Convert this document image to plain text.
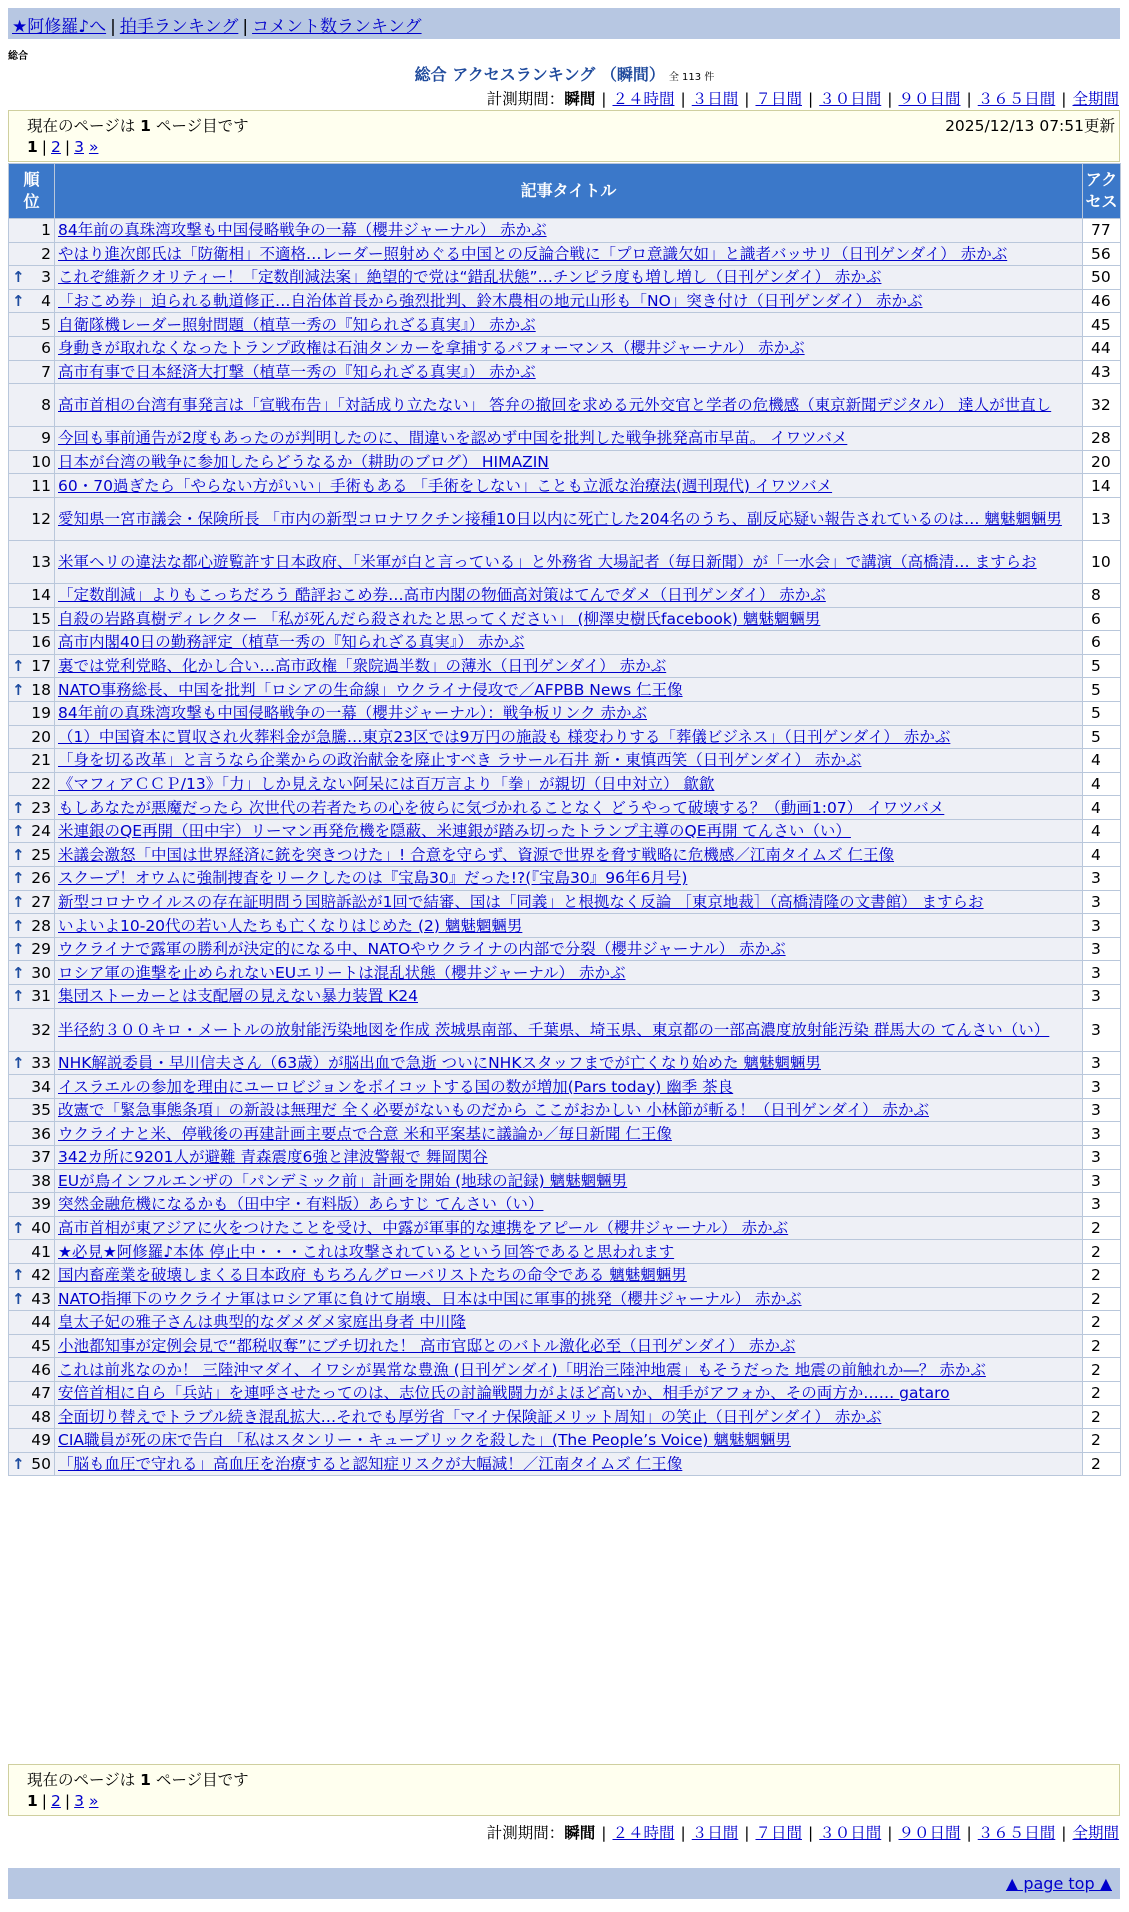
★阿修羅♪へ | 拍手ランキング | コメント数ランキング
総合
総合 アクセスランキング （瞬間） 全 113 件
計測期間：瞬間 | ２４時間 | ３日間 | ７日間 | ３０日間 | ９０日間 | ３６５日間 | 全期間
現在のページは 1 ページ目です	2025/12/13 07:51更新
1 | 2 | 3 »
順位	記事タイトル	アクセス
1	84年前の真珠湾攻撃も中国侵略戦争の一幕（櫻井ジャーナル） 赤かぶ	77
2	やはり進次郎氏は「防衛相」不適格…レーダー照射めぐる中国との反論合戦に「プロ意識欠如」と識者バッサリ（日刊ゲンダイ） 赤かぶ	56

↑ 3	これぞ維新クオリティー！「定数削減法案」絶望的で党は“錯乱状態”…チンピラ度も増し増し（日刊ゲンダイ） 赤かぶ	50

↑ 4	「おこめ券」迫られる軌道修正…自治体首長から強烈批判、鈴木農相の地元山形も「NO」突き付け（日刊ゲンダイ） 赤かぶ	46
5	自衛隊機レーダー照射問題（植草一秀の『知られざる真実』） 赤かぶ	45
6	身動きが取れなくなったトランプ政権は石油タンカーを拿捕するパフォーマンス（櫻井ジャーナル） 赤かぶ	44
7	高市有事で日本経済大打撃（植草一秀の『知られざる真実』） 赤かぶ	43
8	高市首相の台湾有事発言は「宣戦布告」「対話成り立たない」 答弁の撤回を求める元外交官と学者の危機感（東京新聞デジタル） 達人が世直し	32
9	今回も事前通告が2度もあったのが判明したのに、間違いを認めず中国を批判した戦争挑発高市早苗。 イワツバメ	28
10	日本が台湾の戦争に参加したらどうなるか（耕助のブログ） HIMAZIN	20
11	60・70過ぎたら「やらない方がいい」手術もある 「手術をしない」ことも立派な治療法(週刊現代) イワツバメ	14
12	愛知県一宮市議会・保険所長 「市内の新型コロナワクチン接種10日以内に死亡した204名のうち、副反応疑い報告されているのは… 魑魅魍魎男	13
13	米軍ヘリの違法な都心遊覧許す日本政府、「米軍が白と言っている」と外務省 大場記者（毎日新聞）が「一水会」で講演（高橋清… ますらお	10
14	「定数削減」よりもこっちだろう 酷評おこめ券…高市内閣の物価高対策はてんでダメ（日刊ゲンダイ） 赤かぶ	8
15	自殺の岩路真樹ディレクター 「私が死んだら殺されたと思ってください」 (柳澤史樹氏facebook) 魑魅魍魎男	6
16	高市内閣40日の勤務評定（植草一秀の『知られざる真実』） 赤かぶ	6

↑ 17	裏では党利党略、化かし合い…高市政権「衆院過半数」の薄氷（日刊ゲンダイ） 赤かぶ	5

↑ 18	NATO事務総長、中国を批判「ロシアの生命線」ウクライナ侵攻で／AFPBB News 仁王像	5
19	84年前の真珠湾攻撃も中国侵略戦争の一幕（櫻井ジャーナル）：戦争板リンク 赤かぶ	5
20	（1）中国資本に買収され火葬料金が急騰…東京23区では9万円の施設も 様変わりする「葬儀ビジネス」（日刊ゲンダイ） 赤かぶ	5
21	「身を切る改革」と言うなら企業からの政治献金を廃止すべき ラサール石井 新・東慎西笑（日刊ゲンダイ） 赤かぶ	4
22	《マフィアＣＣＰ/13》「力」しか見えない阿呆には百万言より「拳」が親切（日中対立） 歙歙	4

↑ 23	もしあなたが悪魔だったら 次世代の若者たちの心を彼らに気づかれることなく どうやって破壊する？（動画1:07） イワツバメ	4

↑ 24	米連銀のQE再開（田中宇）リーマン再発危機を隠蔽、米連銀が踏み切ったトランプ主導のQE再開 てんさい（い）	4

↑ 25	米議会激怒「中国は世界経済に銃を突きつけた」! 合意を守らず、資源で世界を脅す戦略に危機感／江南タイムズ 仁王像	4

↑ 26	スクープ！オウムに強制捜査をリークしたのは『宝島30』だった!?(『宝島30』96年6月号)	3

↑ 27	新型コロナウイルスの存在証明問う国賠訴訟が1回で結審、国は「同義」と根拠なく反論 ［東京地裁］（高橋清隆の文書館） ますらお	3

↑ 28	いよいよ10-20代の若い人たちも亡くなりはじめた (2) 魑魅魍魎男	3

↑ 29	ウクライナで露軍の勝利が決定的になる中、NATOやウクライナの内部で分裂（櫻井ジャーナル） 赤かぶ	3

↑ 30	ロシア軍の進撃を止められないEUエリートは混乱状態（櫻井ジャーナル） 赤かぶ	3

↑ 31	集団ストーカーとは支配層の見えない暴力装置 K24	3
32	半径約３００キロ・メートルの放射能汚染地図を作成 茨城県南部、千葉県、埼玉県、東京都の一部高濃度放射能汚染 群馬大の てんさい（い）	3

↑ 33	NHK解説委員・早川信夫さん（63歳）が脳出血で急逝 ついにNHKスタッフまでが亡くなり始めた 魑魅魍魎男	3
34	イスラエルの参加を理由にユーロビジョンをボイコットする国の数が増加(Pars today) 幽季 茶良	3
35	改憲で「緊急事態条項」の新設は無理だ 全く必要がないものだから ここがおかしい 小林節が斬る！（日刊ゲンダイ） 赤かぶ	3
36	ウクライナと米、停戦後の再建計画主要点で合意 米和平案基に議論か／毎日新聞 仁王像	3
37	342カ所に9201人が避難 青森震度6強と津波警報で 舞岡関谷	3
38	EUが鳥インフルエンザの「パンデミック前」計画を開始 (地球の記録) 魑魅魍魎男	3
39	突然金融危機になるかも（田中宇・有料版）あらすじ てんさい（い）	3

↑ 40	高市首相が東アジアに火をつけたことを受け、中露が軍事的な連携をアピール（櫻井ジャーナル） 赤かぶ	2
41	★必見★阿修羅♪本体 停止中・・・これは攻撃されているという回答であると思われます	2

↑ 42	国内畜産業を破壊しまくる日本政府 もちろんグローバリストたちの命令である 魑魅魍魎男	2

↑ 43	NATO指揮下のウクライナ軍はロシア軍に負けて崩壊、日本は中国に軍事的挑発（櫻井ジャーナル） 赤かぶ	2
44	皇太子妃の雅子さんは典型的なダメダメ家庭出身者 中川隆	2
45	小池都知事が定例会見で“都税収奪”にブチ切れた！ 高市官邸とのバトル激化必至（日刊ゲンダイ） 赤かぶ	2
46	これは前兆なのか！ 三陸沖マダイ、イワシが異常な豊漁 (日刊ゲンダイ)「明治三陸沖地震」もそうだった 地震の前触れか―？ 赤かぶ	2
47	安倍首相に自ら「兵站」を連呼させたってのは、志位氏の討論戦闘力がよほど高いか、相手がアフォか、その両方か…… gataro	2
48	全面切り替えでトラブル続き混乱拡大…それでも厚労省「マイナ保険証メリット周知」の笑止（日刊ゲンダイ） 赤かぶ	2
49	CIA職員が死の床で告白 「私はスタンリー・キューブリックを殺した」(The People’s Voice) 魑魅魍魎男	2

↑ 50	「脳も血圧で守れる」高血圧を治療すると認知症リスクが大幅減！／江南タイムズ 仁王像	2
現在のページは 1 ページ目です
1 | 2 | 3 »
計測期間：瞬間 | ２４時間 | ３日間 | ７日間 | ３０日間 | ９０日間 | ３６５日間 | 全期間
▲ page top ▲
